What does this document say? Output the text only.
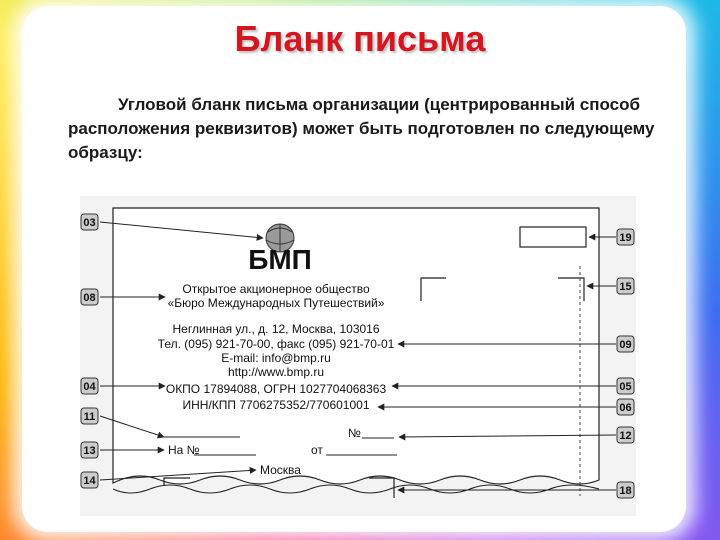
Бланк письма
Угловой бланк письма организации (центрированный способ расположения реквизитов) может быть подготовлен по следующему образцу:
БМП
Открытое акционерное общество
«Бюро Международных Путешествий»
Неглинная ул., д. 12, Москва, 103016
Тел. (095) 921-70-00, факс (095) 921-70-01
E-mail: info@bmp.ru
http://www.bmp.ru
ОКПО 17894088, ОГРН 1027704068363
ИНН/КПП 7706275352/770601001
№
На №	от
Москва
03
08
04
11
13
14
19
15
09
05
06
12
18
